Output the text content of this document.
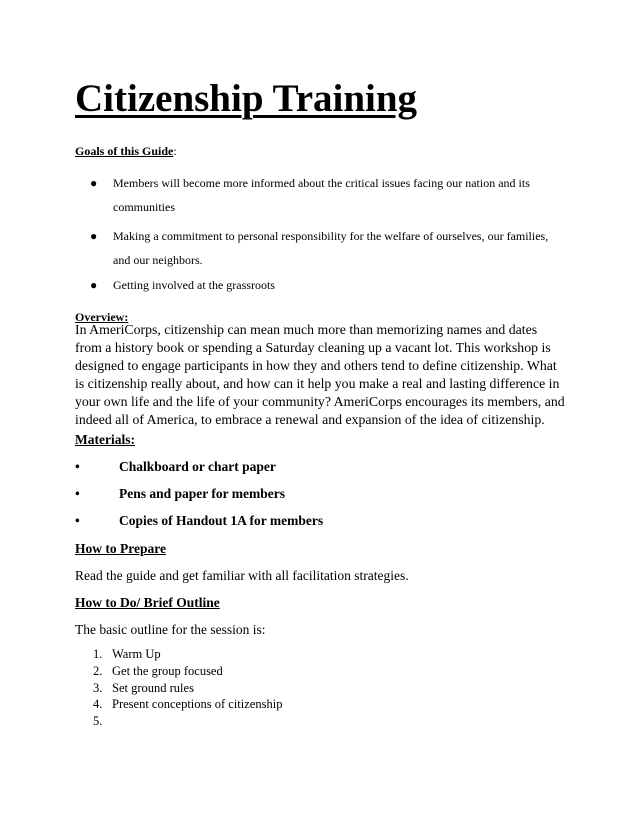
Citizenship Training
Goals of this Guide:
● Members will become more informed about the critical issues facing our nation and its communities
● Making a commitment to personal responsibility for the welfare of ourselves, our families, and our neighbors.
● Getting involved at the grassroots
Overview:

In AmeriCorps, citizenship can mean much more than memorizing names and dates from a history book or spending a Saturday cleaning up a vacant lot. This workshop is designed to engage participants in how they and others tend to define citizenship. What is citizenship really about, and how can it help you make a real and lasting difference in your own life and the life of your community? AmeriCorps encourages its members, and indeed all of America, to embrace a renewal and expansion of the idea of citizenship.

Materials:
•	Chalkboard or chart paper
•	Pens and paper for members
•	Copies of Handout 1A for members
How to Prepare
Read the guide and get familiar with all facilitation strategies.
How to Do/ Brief Outline
The basic outline for the session is:
1. Warm Up
2. Get the group focused
3. Set ground rules
4. Present conceptions of citizenship
5.
